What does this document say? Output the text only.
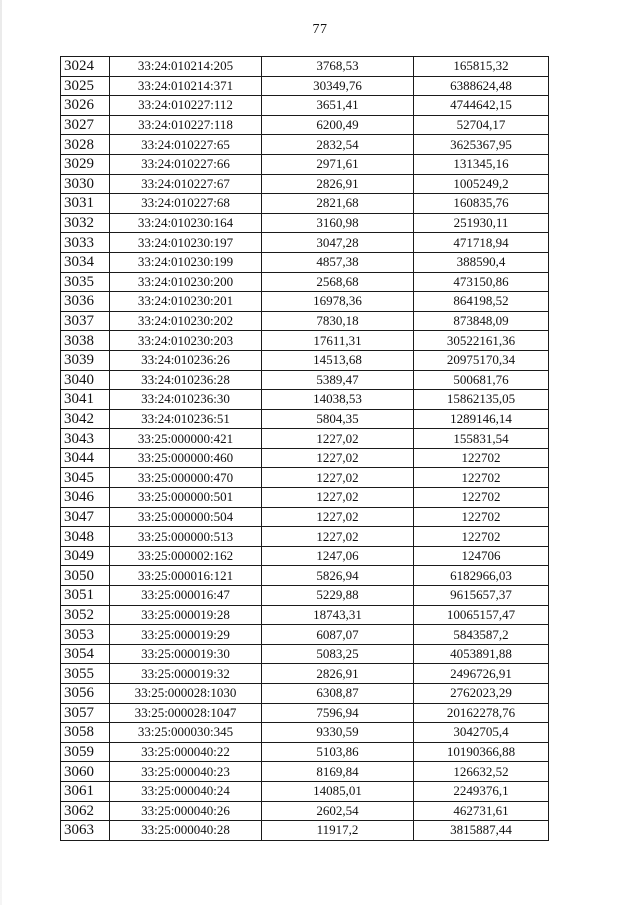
77
3024	33:24:010214:205	3768,53	165815,32
3025	33:24:010214:371	30349,76	6388624,48
3026	33:24:010227:112	3651,41	4744642,15
3027	33:24:010227:118	6200,49	52704,17
3028	33:24:010227:65	2832,54	3625367,95
3029	33:24:010227:66	2971,61	131345,16
3030	33:24:010227:67	2826,91	1005249,2
3031	33:24:010227:68	2821,68	160835,76
3032	33:24:010230:164	3160,98	251930,11
3033	33:24:010230:197	3047,28	471718,94
3034	33:24:010230:199	4857,38	388590,4
3035	33:24:010230:200	2568,68	473150,86
3036	33:24:010230:201	16978,36	864198,52
3037	33:24:010230:202	7830,18	873848,09
3038	33:24:010230:203	17611,31	30522161,36
3039	33:24:010236:26	14513,68	20975170,34
3040	33:24:010236:28	5389,47	500681,76
3041	33:24:010236:30	14038,53	15862135,05
3042	33:24:010236:51	5804,35	1289146,14
3043	33:25:000000:421	1227,02	155831,54
3044	33:25:000000:460	1227,02	122702
3045	33:25:000000:470	1227,02	122702
3046	33:25:000000:501	1227,02	122702
3047	33:25:000000:504	1227,02	122702
3048	33:25:000000:513	1227,02	122702
3049	33:25:000002:162	1247,06	124706
3050	33:25:000016:121	5826,94	6182966,03
3051	33:25:000016:47	5229,88	9615657,37
3052	33:25:000019:28	18743,31	10065157,47
3053	33:25:000019:29	6087,07	5843587,2
3054	33:25:000019:30	5083,25	4053891,88
3055	33:25:000019:32	2826,91	2496726,91
3056	33:25:000028:1030	6308,87	2762023,29
3057	33:25:000028:1047	7596,94	20162278,76
3058	33:25:000030:345	9330,59	3042705,4
3059	33:25:000040:22	5103,86	10190366,88
3060	33:25:000040:23	8169,84	126632,52
3061	33:25:000040:24	14085,01	2249376,1
3062	33:25:000040:26	2602,54	462731,61
3063	33:25:000040:28	11917,2	3815887,44
